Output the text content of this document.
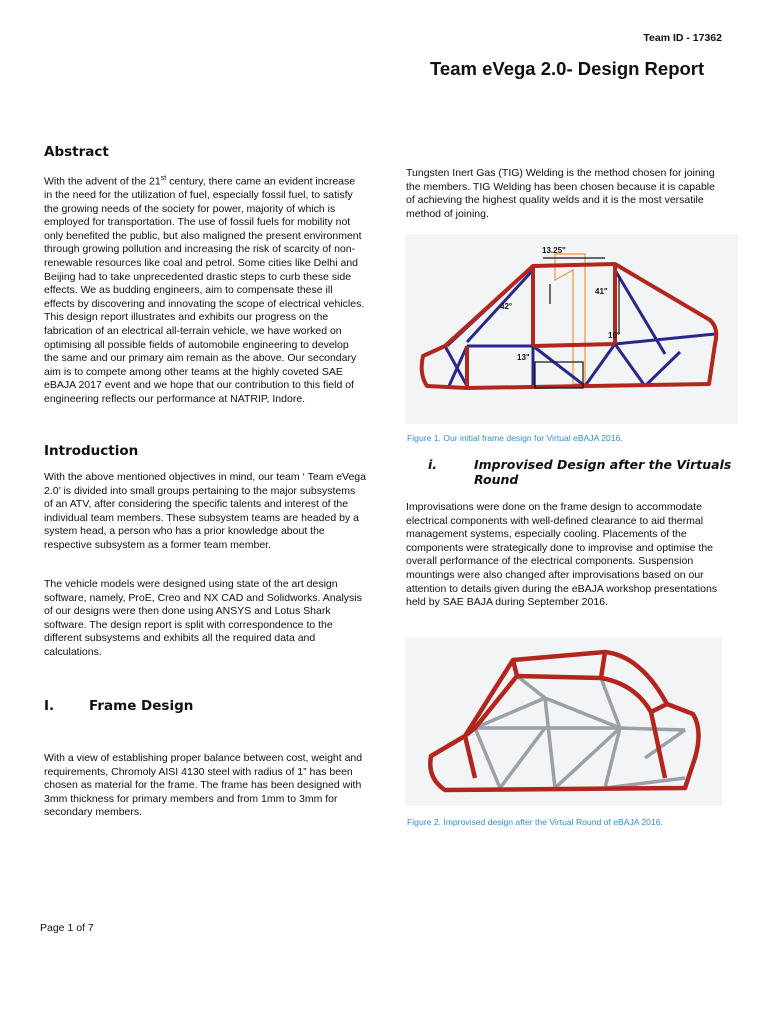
Team ID - 17362
Team eVega 2.0- Design Report
Abstract
With the advent of the 21st century, there came an evident increase in the need for the utilization of fuel, especially fossil fuel, to satisfy the growing needs of the society for power, majority of which is employed for transportation. The use of fossil fuels for mobility not only benefited the public, but also maligned the present environment through growing pollution and increasing the risk of scarcity of non-renewable resources like coal and petrol. Some cities like Delhi and Beijing had to take unprecedented drastic steps to curb these side effects. We as budding engineers, aim to compensate these ill effects by discovering and innovating the scope of electrical vehicles. This design report illustrates and exhibits our progress on the fabrication of an electrical all-terrain vehicle, we have worked on optimising all possible fields of automobile engineering to develop the same and our primary aim remain as the above. Our secondary aim is to compete among other teams at the highly coveted SAE eBAJA 2017 event and we hope that our contribution to this field of engineering reflects our performance at NATRIP, Indore.
Introduction
With the above mentioned objectives in mind, our team ‘ Team eVega 2.0’ is divided into small groups pertaining to the major subsystems of an ATV, after considering the specific talents and interest of the individual team members. These subsystem teams are headed by a system head, a person who has a prior knowledge about the respective subsystem as a former team member.
The vehicle models were designed using state of the art design software, namely, ProE, Creo and NX CAD and Solidworks. Analysis of our designs were then done using ANSYS and Lotus Shark software. The design report is split with correspondence to the different subsystems and exhibits all the required data and calculations.
I.	Frame Design
With a view of establishing proper balance between cost, weight and requirements, Chromoly AISI 4130 steel with radius of 1” has been chosen as material for the frame. The frame has been designed with 3mm thickness for primary members and from 1mm to 3mm for secondary members.
Tungsten Inert Gas (TIG) Welding is the method chosen for joining the members. TIG Welding has been chosen because it is capable of achieving the highest quality welds and it is the most versatile method of joining.
13.25"
42°
41"
10°
13"
Figure 1. Our initial frame design for Virtual eBAJA 2016.
i.	Improvised Design after the Virtuals
Round
Improvisations were done on the frame design to accommodate electrical components with well-defined clearance to aid thermal management systems, especially cooling. Placements of the components were strategically done to improvise and optimise the overall performance of the electrical components. Suspension mountings were also changed after improvisations based on our attention to details given during the eBAJA workshop presentations held by SAE BAJA during September 2016.
Figure 2. Improvised design after the Virtual Round of eBAJA 2016.
Page 1 of 7
